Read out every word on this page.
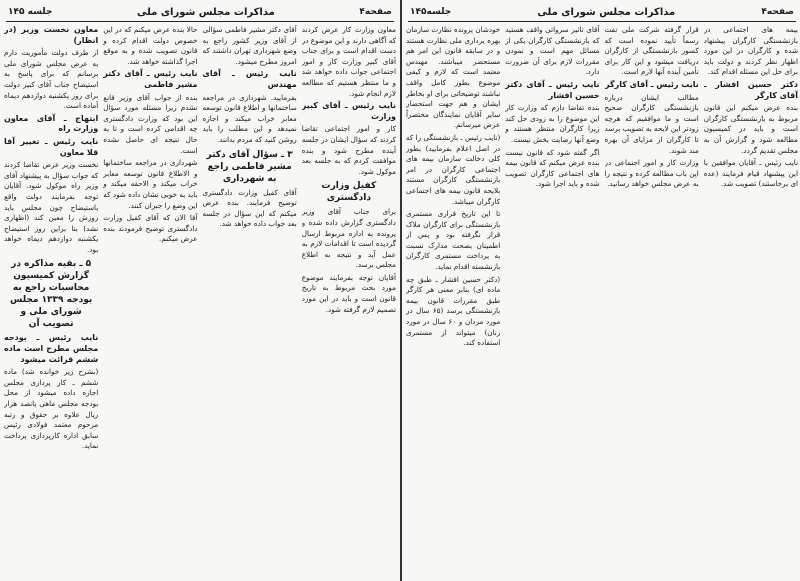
صفحه۴
مذاکرات مجلس شورای ملی
جلسه ۱۴۵

معاون وزارت کار عرض کردند که آگاهی دارند و این موضوع در دست اقدام است و برای جناب آقای کبیر وزارت کار و امور اجتماعی جواب داده خواهد شد و ما منتظر هستیم که مطالعه لازم انجام شود.

نایب رئیس ـ آقای کبیر وزارت

کار و امور اجتماعی تقاضا کردند که سؤال ایشان در جلسه آینده مطرح شود و بنده موافقت کردم که به جلسه بعد موکول شود.

کفیل وزارت دادگستری

برای جناب آقای وزیر دادگستری گزارش داده شده و پرونده به اداره مربوط ارسال گردیده است تا اقدامات لازم به عمل آید و نتیجه به اطلاع مجلس برسد.

آقایان توجه بفرمایند موضوع مورد بحث مربوط به تاریخ قانون است و باید در این مورد تصمیم لازم گرفته شود.

آقای دکتر مشیر فاطمی سؤالی از آقای وزیر کشور راجع به وضع شهرداری تهران داشتند که امروز مطرح میشود.

نایب رئیس ـ آقای مهندس

بفرمایید. شهرداری در مراجعه ساختمانها و اطلاع قانون توسعه معابر خراب میکند و اجازه نمیدهد و این مطلب را باید روشن کنید که مردم بدانند.

۳ ـ سؤال آقای دکتر مشیر فاطمی راجع به شهرداری

آقای کفیل وزارت دادگستری توضیح فرمایند. بنده عرض میکنم که این سؤال در جلسه بعد جواب داده خواهد شد.

حالا بنده عرض میکنم که در این خصوص دولت اقدام کرده و قانون تصویب شده و به موقع اجرا گذاشته خواهد شد.

نایب رئیس ـ آقای دکتر مشیر فاطمی

بنده از جواب آقای وزیر قانع نشدم زیرا مسئله مورد سؤال این بود که وزارت دادگستری چه اقدامی کرده است و تا به حال نتیجه ای حاصل نشده است.

شهرداری در مراجعه ساختمانها و الاطلاع قانون توسعه معابر خراب میکند و الاحقه میکند و باید به خوبی نشان داده شود که این وضع را جبران کنند.

آقا الان که آقای کفیل وزارت دادگستری توضیح فرمودند بنده عرض میکنم.

معاون نخست وزیر (در انظار)

از طرف دولت مأموریت دارم به عرض مجلس شورای ملی برسانم که برای پاسخ به استیضاح جناب آقای کبیر دولت برای روز یکشنبه دوازدهم دیماه آماده است.

ابتهاج ـ آقای معاون وزارت راه

نایب رئیس ـ تغییر آقا قلا معاون

نخست وزیر عرض تقاضا کردند که جواب سؤال به پیشنهاد آقای وزیر راه موکول شود. آقایان توجه بفرمایند دولت واقع باستیضاح چون مجلس باید روزش را معین کند (اظهاری نشد) بنا براین روز استیضاح یکشنبه دوازدهم دیماه خواهد بود.

۵ ـ بقیه مذاکره در گزارش کمیسیون محاسبات راجع به بودجه ۱۳۳۹ مجلس شورای ملی و تصویب آن

نایب رئیس ـ بودجه مجلس مطرح است ماده ششم قرائت میشود

(بشرح زیر خوانده شد) ماده ششم ـ کار پردازی مجلس اجازه داده میشود از محل بودجه مجلس ماهی پانصد هزار ریال علاوه بر حقوق و رتبه مرحوم معتمد فولادی رئیس سابق اداره کارپردازی پرداخت نماید.

صفحه۴
مذاکرات مجلس شورای ملی
جلسه۱۴۵

بیمه های اجتماعی در بازنشستگی کارگران پیشنهاد شده و کارگران در این مورد اظهار نظر کردند و دولت باید برای حل این مسئله اقدام کند.

دکتر حسین افشار ـ آقای کارگر

بنده عرض میکنم این قانون مربوط به بازنشستگی کارگران است و باید در کمیسیون مطالعه شود و گزارش آن به مجلس تقدیم گردد.

نایب رئیس ـ آقایان موافقین با این پیشنهاد قیام فرمایند (عده ای برخاستند) تصویب شد.

قرار گرفته شرکت ملی نفت رسماً تأیید نموده است که کسور بازنشستگی از کارگران دریافت میشود و این کار برای تأمین آینده آنها لازم است.

نایب رئیس ـ آقای کارگر

مطالب ایشان درباره بازنشستگی کارگران صحیح است و ما موافقیم که هرچه زودتر این لایحه به تصویب برسد تا کارگران از مزایای آن بهره مند شوند.

وزارت کار و امور اجتماعی در این باب مطالعه کرده و نتیجه را به عرض مجلس خواهد رسانید.

آقای تاثیر سرواتی واقف هستید که بازنشستگی کارگران یکی از مسائل مهم است و نمودن مقررات لازم برای آن ضرورت دارد.

نایب رئیس ـ آقای دکتر حسین افشار

بنده تقاضا دارم که وزارت کار این موضوع را به زودی حل کند زیرا کارگران منتظر هستند و وضع آنها رضایت بخش نیست.

اگر گفته شود که قانون نیست بنده عرض میکنم که قانون بیمه های اجتماعی کارگران تصویب شده و باید اجرا شود.

خودشان پرونده نظارت سازمان بهره برداری ملی نظارت هستند و در سابقه قانون این امر هم مستحضر میباشند. مهندس معتمد است که لازم و کیفی موضوع بطور کامل واقف نباشند توضیحاتی برای او بخاطر ایشان و هم جهت استحضار سایر آقایان نمایندگان مختصراً عرض میرسانم.

(نایب رئیس ـ بازنشستگی را که در اصل اعلام بفرمایید) بطور کلی دخالت سازمان بیمه های اجتماعی کارگران در امر بازنشستگی کارگران مستند بلایحه قانون بیمه های اجتماعی کارگران میباشد.

تا این تاریخ قراری مستمری بازنشستگی برای کارگران ملاک قرار نگرفته بود و پس از اطمینان بصحت مدارک نسبت به پرداخت مستمری کارگران بازنشسته اقدام نماید.

(دکتر حسین افشار ـ طبق چه ماده ای) بنابر معنی هر کارگر طبق مقررات قانون بیمه بازنشستگی برسد (۶۵ سال در مورد مردان و ۶۰ سال در مورد زنان) میتواند از مستمری استفاده کند.
